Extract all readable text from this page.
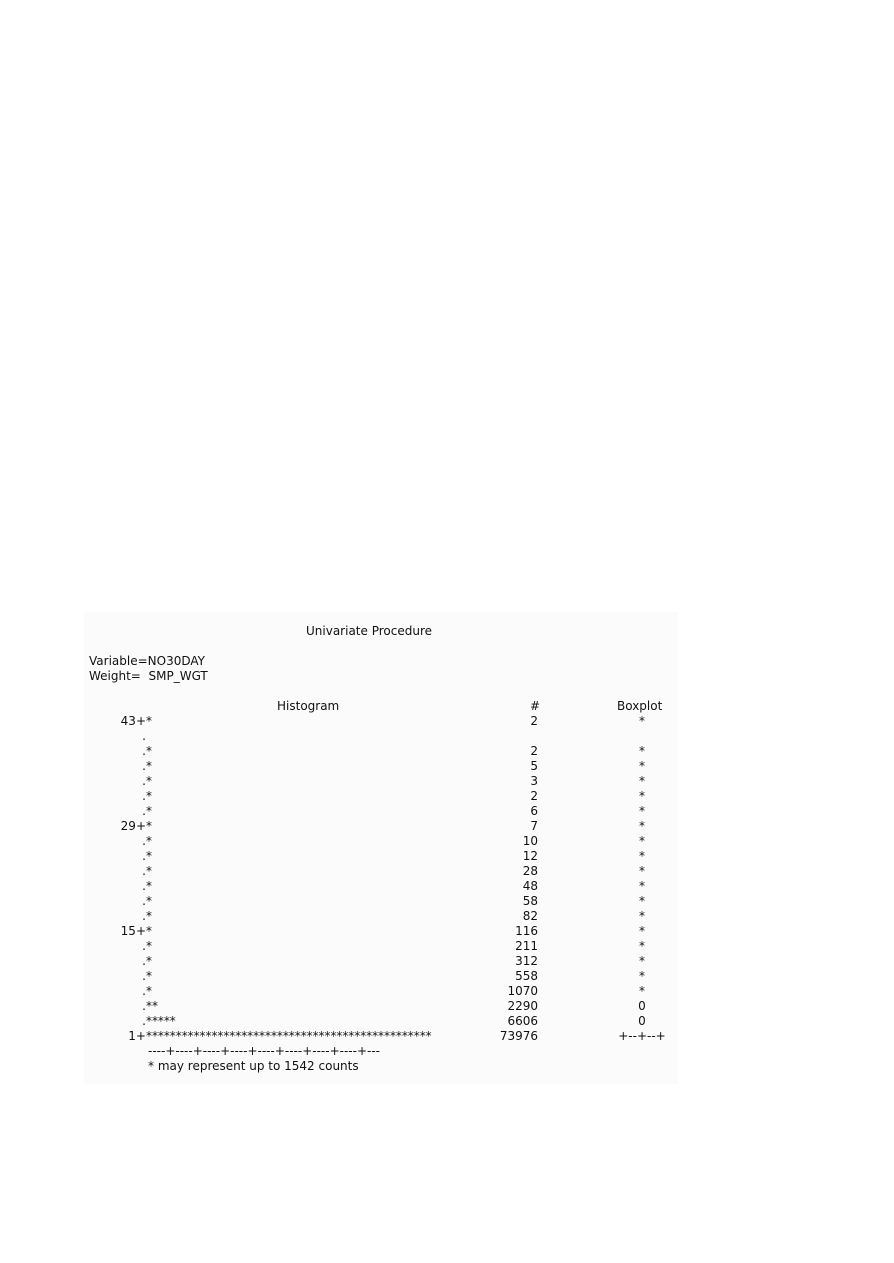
Univariate Procedure
Variable=NO30DAY
Weight=  SMP_WGT
Histogram	#	Boxplot
43+ *	2	*
.
. *	2	*
. *	5	*
. *	3	*
. *	2	*
. *	6	*
29+ *	7	*
. *	10	*
. *	12	*
. *	28	*
. *	48	*
. *	58	*
. *	82	*
15+ *	116	*
. *	211	*
. *	312	*
. *	558	*
. *	1070	*
. **	2290	0
. *****	6606	0
1+ ************************************************	73976	+--+--+
----+----+----+----+----+----+----+----+---
* may represent up to 1542 counts
